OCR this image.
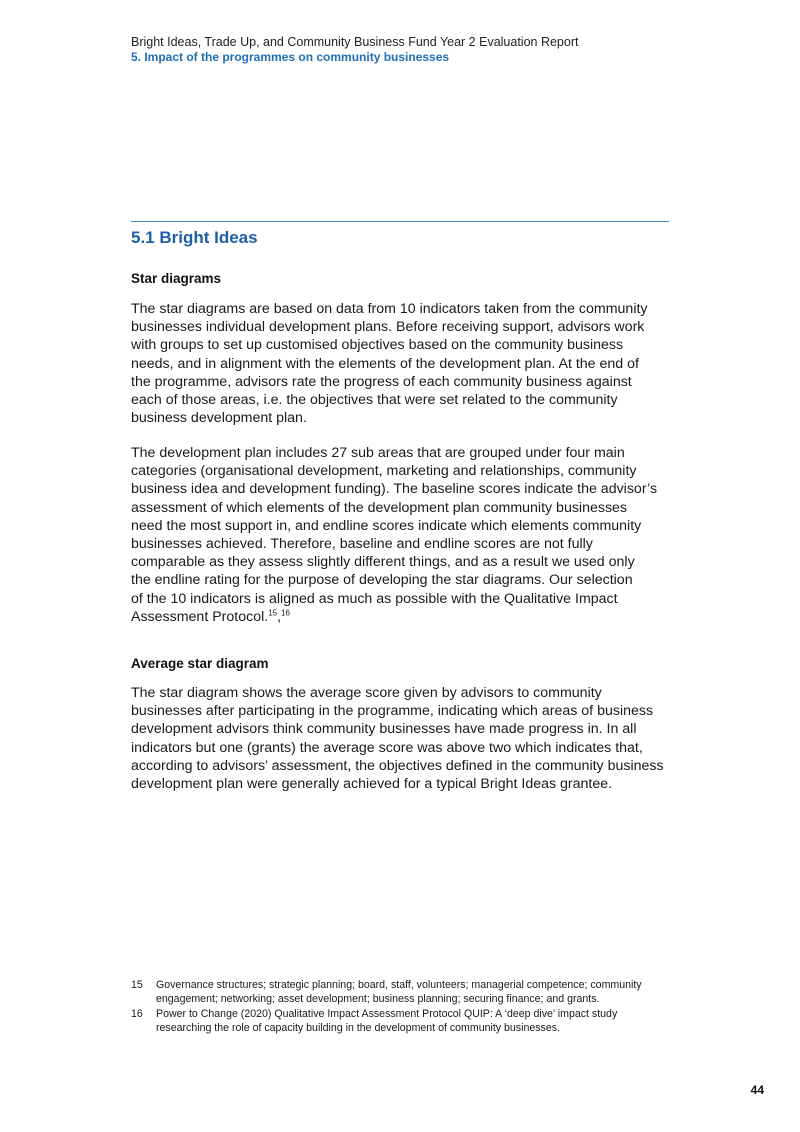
Bright Ideas, Trade Up, and Community Business Fund Year 2 Evaluation Report
5. Impact of the programmes on community businesses
5.1 Bright Ideas
Star diagrams
The star diagrams are based on data from 10 indicators taken from the community
businesses individual development plans. Before receiving support, advisors work
with groups to set up customised objectives based on the community business
needs, and in alignment with the elements of the development plan. At the end of
the programme, advisors rate the progress of each community business against
each of those areas, i.e. the objectives that were set related to the community
business development plan.
The development plan includes 27 sub areas that are grouped under four main
categories (organisational development, marketing and relationships, community
business idea and development funding). The baseline scores indicate the advisor’s
assessment of which elements of the development plan community businesses
need the most support in, and endline scores indicate which elements community
businesses achieved. Therefore, baseline and endline scores are not fully
comparable as they assess slightly different things, and as a result we used only
the endline rating for the purpose of developing the star diagrams. Our selection
of the 10 indicators is aligned as much as possible with the Qualitative Impact
Assessment Protocol.$^{15}$,$^{16}$
Average star diagram
The star diagram shows the average score given by advisors to community
businesses after participating in the programme, indicating which areas of business
development advisors think community businesses have made progress in. In all
indicators but one (grants) the average score was above two which indicates that,
according to advisors’ assessment, the objectives defined in the community business
development plan were generally achieved for a typical Bright Ideas grantee.
15	Governance structures; strategic planning; board, staff, volunteers; managerial competence; community
engagement; networking; asset development; business planning; securing finance; and grants.
16	Power to Change (2020) Qualitative Impact Assessment Protocol QUIP: A ‘deep dive’ impact study
researching the role of capacity building in the development of community businesses.
44
